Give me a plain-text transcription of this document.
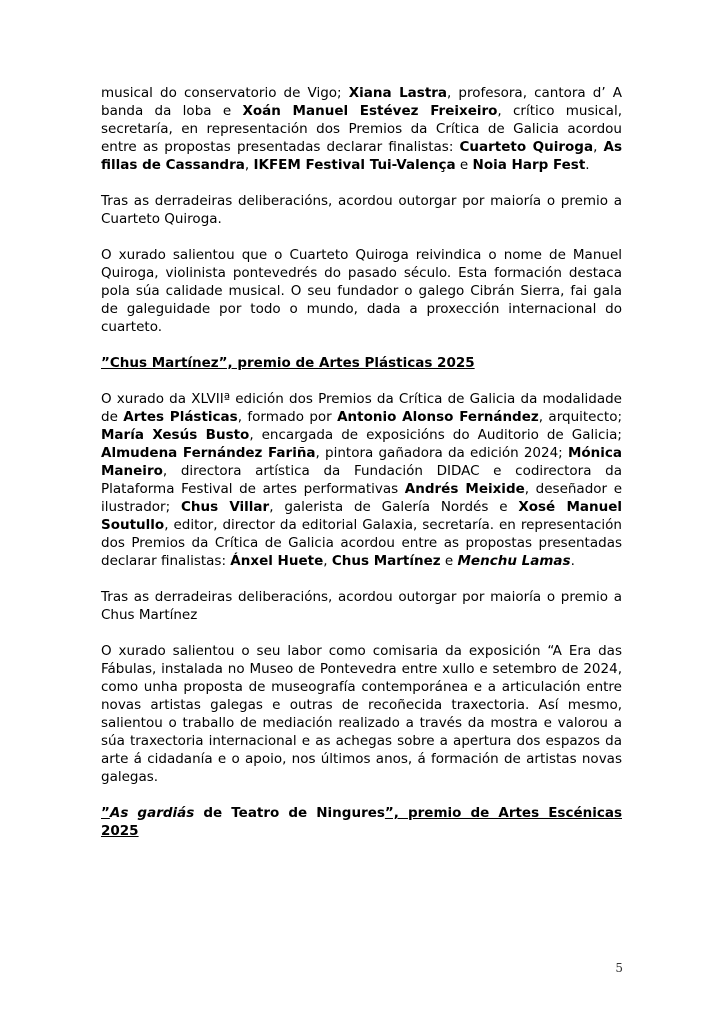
musical do conservatorio de Vigo; Xiana Lastra, profesora, cantora d’ A banda da loba e Xoán Manuel Estévez Freixeiro, crítico musical, secretaría, en representación dos Premios da Crítica de Galicia acordou entre as propostas presentadas declarar finalistas: Cuarteto Quiroga, As fillas de Cassandra, IKFEM Festival Tui-Valença e Noia Harp Fest.

Tras as derradeiras deliberacións, acordou outorgar por maioría o premio a Cuarteto Quiroga.

O xurado salientou que o Cuarteto Quiroga reivindica o nome de Manuel Quiroga, violinista pontevedrés do pasado século. Esta formación destaca pola súa calidade musical. O seu fundador o galego Cibrán Sierra, fai gala de galeguidade por todo o mundo, dada a proxección internacional do cuarteto.

”Chus Martínez”, premio de Artes Plásticas 2025

O xurado da XLVIIª edición dos Premios da Crítica de Galicia da modalidade de Artes Plásticas, formado por Antonio Alonso Fernández, arquitecto; María Xesús Busto, encargada de exposicións do Auditorio de Galicia; Almudena Fernández Fariña, pintora gañadora da edición 2024; Mónica Maneiro, directora artística da Fundación DIDAC e codirectora da Plataforma Festival de artes performativas Andrés Meixide, deseñador e ilustrador; Chus Villar, galerista de Galería Nordés e Xosé Manuel Soutullo, editor, director da editorial Galaxia, secretaría. en representación dos Premios da Crítica de Galicia acordou entre as propostas presentadas declarar finalistas: Ánxel Huete, Chus Martínez e Menchu Lamas.

Tras as derradeiras deliberacións, acordou outorgar por maioría o premio a Chus Martínez

O xurado salientou o seu labor como comisaria da exposición “A Era das Fábulas, instalada no Museo de Pontevedra entre xullo e setembro de 2024, como unha proposta de museografía contemporánea e a articulación entre novas artistas galegas e outras de recoñecida traxectoria. Así mesmo, salientou o traballo de mediación realizado a través da mostra e valorou a súa traxectoria internacional e as achegas sobre a apertura dos espazos da arte á cidadanía e o apoio, nos últimos anos, á formación de artistas novas galegas.

”As gardiás de Teatro de Ningures”, premio de Artes Escénicas 2025

5
